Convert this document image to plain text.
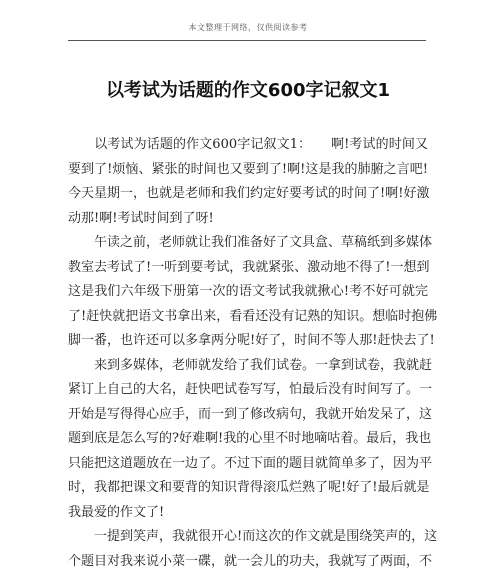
本文整理于网络，仅供阅读参考
以考试为话题的作文600字记叙文1
　　以考试为话题的作文600字记叙文1：　　啊!考试的时间又
要到了!烦恼、紧张的时间也又要到了!啊!这是我的肺腑之言吧!
今天星期一，也就是老师和我们约定好要考试的时间了!啊!好激
动那!啊!考试时间到了呀!
　　午读之前，老师就让我们准备好了文具盒、草稿纸到多媒体
教室去考试了!一听到要考试，我就紧张、激动地不得了!一想到
这是我们六年级下册第一次的语文考试我就揪心!考不好可就完
了!赶快就把语文书拿出来，看看还没有记熟的知识。想临时抱佛
脚一番，也许还可以多拿两分呢!好了，时间不等人那!赶快去了!
　　来到多媒体，老师就发给了我们试卷。一拿到试卷，我就赶
紧订上自己的大名，赶快吧试卷写写，怕最后没有时间写了。一
开始是写得得心应手，而一到了修改病句，我就开始发呆了，这
题到底是怎么写的?好难啊!我的心里不时地嘀咕着。最后，我也
只能把这道题放在一边了。不过下面的题目就简单多了，因为平
时，我都把课文和要背的知识背得滚瓜烂熟了呢!好了!最后就是
我最爱的作文了!
　　一提到笑声，我就很开心!而这次的作文就是围绕笑声的，这
个题目对我来说小菜一碟，就一会儿的功夫，我就写了两面，不
